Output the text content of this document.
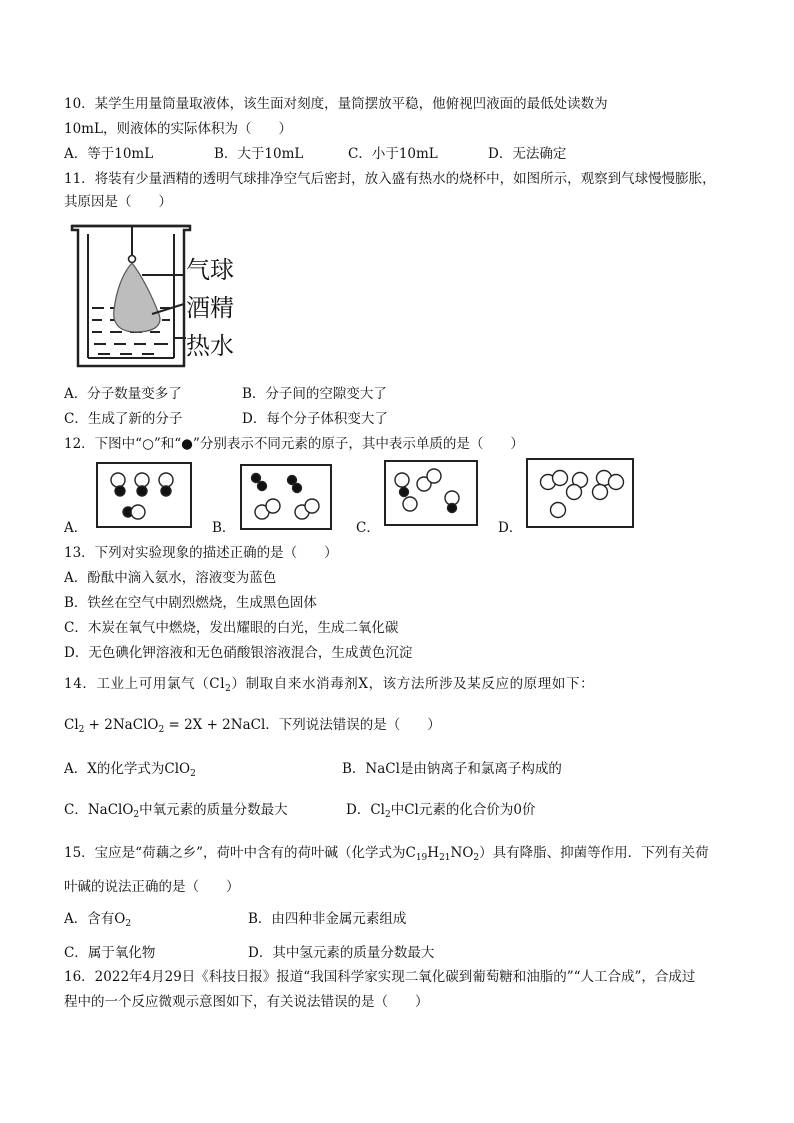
10．某学生用量筒量取液体，该生面对刻度，量筒摆放平稳，他俯视凹液面的最低处读数为
10mL，则液体的实际体积为（　　）
A．等于10mL	B．大于10mL	C．小于10mL	D．无法确定
11．将装有少量酒精的透明气球排净空气后密封，放入盛有热水的烧杯中，如图所示，观察到气球慢慢膨胀，
其原因是（　　）
气球
酒精
热水
A．分子数量变多了	B．分子间的空隙变大了
C．生成了新的分子	D．每个分子体积变大了
12．下图中“○”和“●”分别表示不同元素的原子，其中表示单质的是（　　）
A．	B．	C．	D．
13．下列对实验现象的描述正确的是（　　）
A．酚酞中滴入氨水，溶液变为蓝色
B．铁丝在空气中剧烈燃烧，生成黑色固体
C．木炭在氧气中燃烧，发出耀眼的白光，生成二氧化碳
D．无色碘化钾溶液和无色硝酸银溶液混合，生成黄色沉淀
14．工业上可用氯气$(Cl_2)$制取自来水消毒剂X，该方法所涉及某反应的原理如下：
$Cl_2$ + 2NaClO$_2$ = 2X + 2NaCl．下列说法错误的是（　　）
A．X的化学式为ClO$_2$	B．NaCl是由钠离子和氯离子构成的
C．NaClO$_2$中氧元素的质量分数最大	D．$Cl_2$中Cl元素的化合价为0价
15．宝应是“荷藕之乡”，荷叶中含有的荷叶碱（化学式为$C_{19}H_{21}NO_2$）具有降脂、抑菌等作用．下列有关荷
叶碱的说法正确的是（　　）
A．含有$O_2$	B．由四种非金属元素组成
C．属于氧化物	D．其中氢元素的质量分数最大
16．2022年4月29日《科技日报》报道“我国科学家实现二氧化碳到葡萄糖和油脂的”“人工合成”，合成过
程中的一个反应微观示意图如下，有关说法错误的是（　　）
